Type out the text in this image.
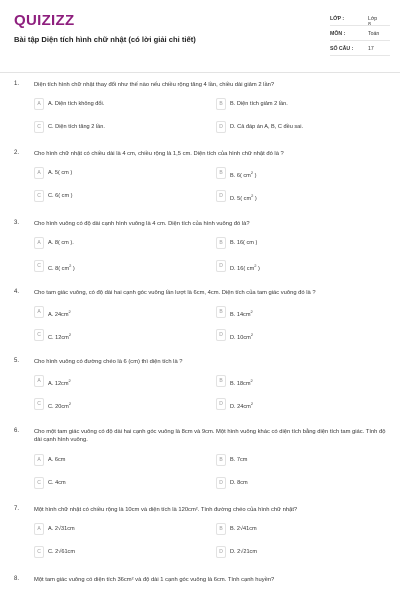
QUIZIZZ
Bài tập Diện tích hình chữ nhật (có lời giải chi tiết)
LỚP :	Lớp
MÔN :	Toán
SỐ CÂU :	17
1.	Diện tích hình chữ nhật thay đổi như thế nào nếu chiều rộng tăng 4 lần, chiều dài giảm 2 lần?
A	A. Diện tích không đổi.	B	B. Diện tích giảm 2 lần.
C	C. Diện tích tăng 2 lần.	D	D. Cả đáp án A, B, C đều sai.
2.	Cho hình chữ nhật có chiều dài là 4 cm, chiều rộng là 1,5 cm. Diện tích của hình chữ nhật đó là ?
A	A. 5( cm )	B	B. 6( $cm^2$ )
C	C. 6( cm )	D	D. 5( $cm^2$ )
3.	Cho hình vuông có độ dài cạnh hình vuông là 4 cm. Diện tích của hình vuông đó là?
A	A. 8( cm ).	B	B. 16( cm )
C	C. 8( $cm^2$ )	D	D. 16( $cm^2$ )
4.	Cho tam giác vuông, có độ dài hai cạnh góc vuông lần lượt là 6cm, 4cm. Diện tích của tam giác vuông đó là ?
A	A. $24cm^2$	B	B. $14cm^2$
C	C. $12cm^2$	D	D. $10cm^2$
5.	Cho hình vuông có đường chéo là 6 (cm) thì diện tích là ?
A	A. $12cm^2$	B	B. $18cm^2$
C	C. $20cm^2$	D	D. $24cm^2$
6.	Cho một tam giác vuông có độ dài hai cạnh góc vuông là 8cm và 9cm. Một hình vuông khác có diện tích bằng diện tích tam giác. Tính độ dài cạnh hình vuông.
A	A. 6cm	B	B. 7cm
C	C. 4cm	D	D. 8cm
7.	Một hình chữ nhật có chiều rộng là 10cm và diện tích là 120cm². Tính đường chéo của hình chữ nhật?
A	A. 2√31cm	B	B. 2√41cm
C	C. 2√61cm	D	D. 2√21cm
8.	Một tam giác vuông có diện tích 36cm² và độ dài 1 cạnh góc vuông là 6cm. Tính cạnh huyền?
